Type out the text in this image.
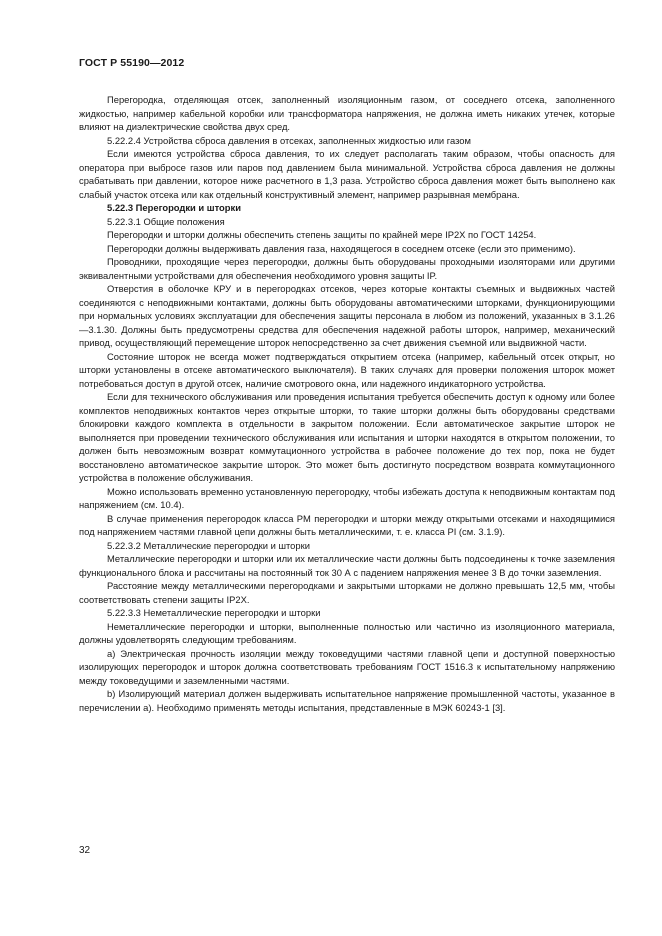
ГОСТ Р 55190—2012

Перегородка, отделяющая отсек, заполненный изоляционным газом, от соседнего отсека, заполненного жидкостью, например кабельной коробки или трансформатора напряжения, не должна иметь никаких утечек, которые влияют на диэлектрические свойства двух сред.

5.22.2.4 Устройства сброса давления в отсеках, заполненных жидкостью или газом

Если имеются устройства сброса давления, то их следует располагать таким образом, чтобы опасность для оператора при выбросе газов или паров под давлением была минимальной. Устройства сброса давления не должны срабатывать при давлении, которое ниже расчетного в 1,3 раза. Устройство сброса давления может быть выполнено как слабый участок отсека или как отдельный конструктивный элемент, например разрывная мембрана.

5.22.3 Перегородки и шторки

5.22.3.1 Общие положения

Перегородки и шторки должны обеспечить степень защиты по крайней мере IP2X по ГОСТ 14254.

Перегородки должны выдерживать давления газа, находящегося в соседнем отсеке (если это применимо).

Проводники, проходящие через перегородки, должны быть оборудованы проходными изоляторами или другими эквивалентными устройствами для обеспечения необходимого уровня защиты IP.

Отверстия в оболочке КРУ и в перегородках отсеков, через которые контакты съемных и выдвижных частей соединяются с неподвижными контактами, должны быть оборудованы автоматическими шторками, функционирующими при нормальных условиях эксплуатации для обеспечения защиты персонала в любом из положений, указанных в 3.1.26—3.1.30. Должны быть предусмотрены средства для обеспечения надежной работы шторок, например, механический привод, осуществляющий перемещение шторок непосредственно за счет движения съемной или выдвижной части.

Состояние шторок не всегда может подтверждаться открытием отсека (например, кабельный отсек открыт, но шторки установлены в отсеке автоматического выключателя). В таких случаях для проверки положения шторок может потребоваться доступ в другой отсек, наличие смотрового окна, или надежного индикаторного устройства.

Если для технического обслуживания или проведения испытания требуется обеспечить доступ к одному или более комплектов неподвижных контактов через открытые шторки, то такие шторки должны быть оборудованы средствами блокировки каждого комплекта в отдельности в закрытом положении. Если автоматическое закрытие шторок не выполняется при проведении технического обслуживания или испытания и шторки находятся в открытом положении, то должен быть невозможным возврат коммутационного устройства в рабочее положение до тех пор, пока не будет восстановлено автоматическое закрытие шторок. Это может быть достигнуто посредством возврата коммутационного устройства в положение обслуживания.

Можно использовать временно установленную перегородку, чтобы избежать доступа к неподвижным контактам под напряжением (см. 10.4).

В случае применения перегородок класса PM перегородки и шторки между открытыми отсеками и находящимися под напряжением частями главной цепи должны быть металлическими, т. е. класса PI (см. 3.1.9).

5.22.3.2 Металлические перегородки и шторки

Металлические перегородки и шторки или их металлические части должны быть подсоединены к точке заземления функционального блока и рассчитаны на постоянный ток 30 А с падением напряжения менее 3 В до точки заземления.

Расстояние между металлическими перегородками и закрытыми шторками не должно превышать 12,5 мм, чтобы соответствовать степени защиты IP2X.

5.22.3.3 Неметаллические перегородки и шторки

Неметаллические перегородки и шторки, выполненные полностью или частично из изоляционного материала, должны удовлетворять следующим требованиям.

a) Электрическая прочность изоляции между токоведущими частями главной цепи и доступной поверхностью изолирующих перегородок и шторок должна соответствовать требованиям ГОСТ 1516.3 к испытательному напряжению между токоведущими и заземленными частями.

b) Изолирующий материал должен выдерживать испытательное напряжение промышленной частоты, указанное в перечислении a). Необходимо применять методы испытания, представленные в МЭК 60243-1 [3].

32
